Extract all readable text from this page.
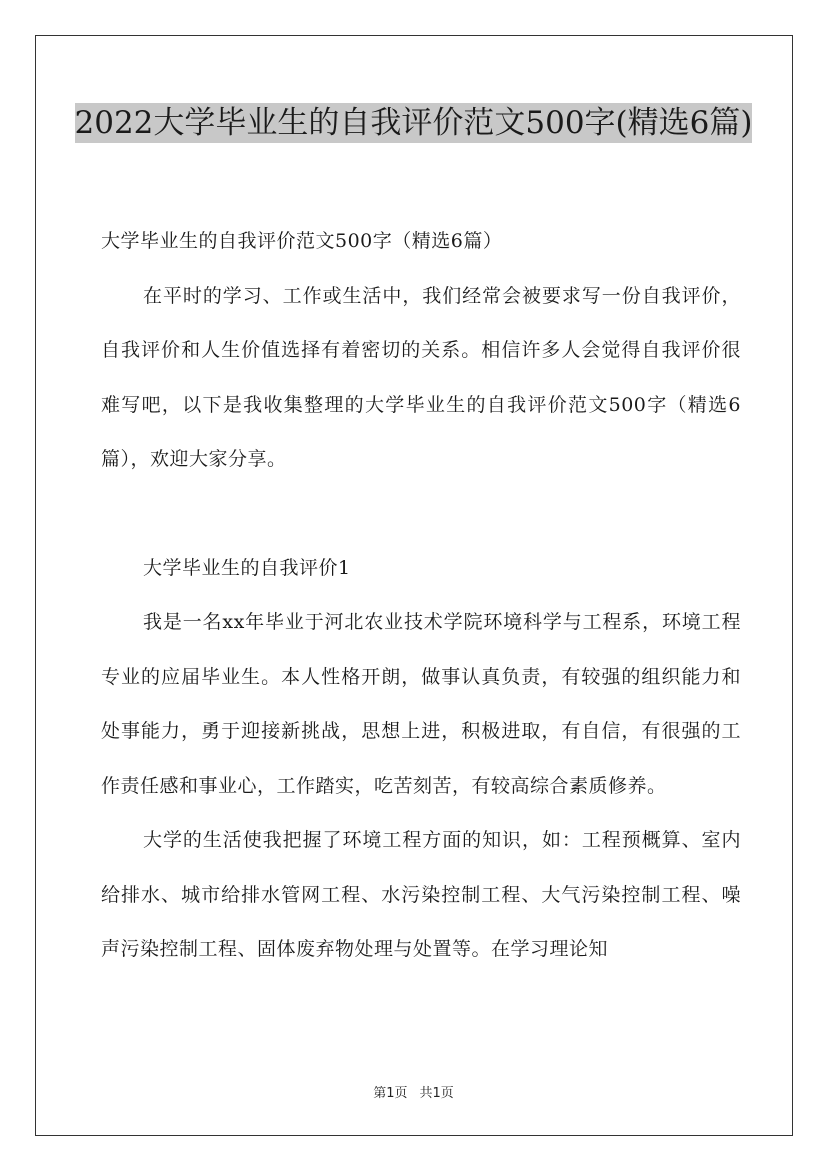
2022大学毕业生的自我评价范文500字(精选6篇)

大学毕业生的自我评价范文500字（精选6篇）

在平时的学习、工作或生活中，我们经常会被要求写一份自我评价，自我评价和人生价值选择有着密切的关系。相信许多人会觉得自我评价很难写吧，以下是我收集整理的大学毕业生的自我评价范文500字（精选6篇），欢迎大家分享。

大学毕业生的自我评价1

我是一名xx年毕业于河北农业技术学院环境科学与工程系，环境工程专业的应届毕业生。本人性格开朗，做事认真负责，有较强的组织能力和处事能力，勇于迎接新挑战，思想上进，积极进取，有自信，有很强的工作责任感和事业心，工作踏实，吃苦刻苦，有较高综合素质修养。

大学的生活使我把握了环境工程方面的知识，如：工程预概算、室内给排水、城市给排水管网工程、水污染控制工程、大气污染控制工程、噪声污染控制工程、固体废弃物处理与处置等。在学习理论知

第1页 共1页
